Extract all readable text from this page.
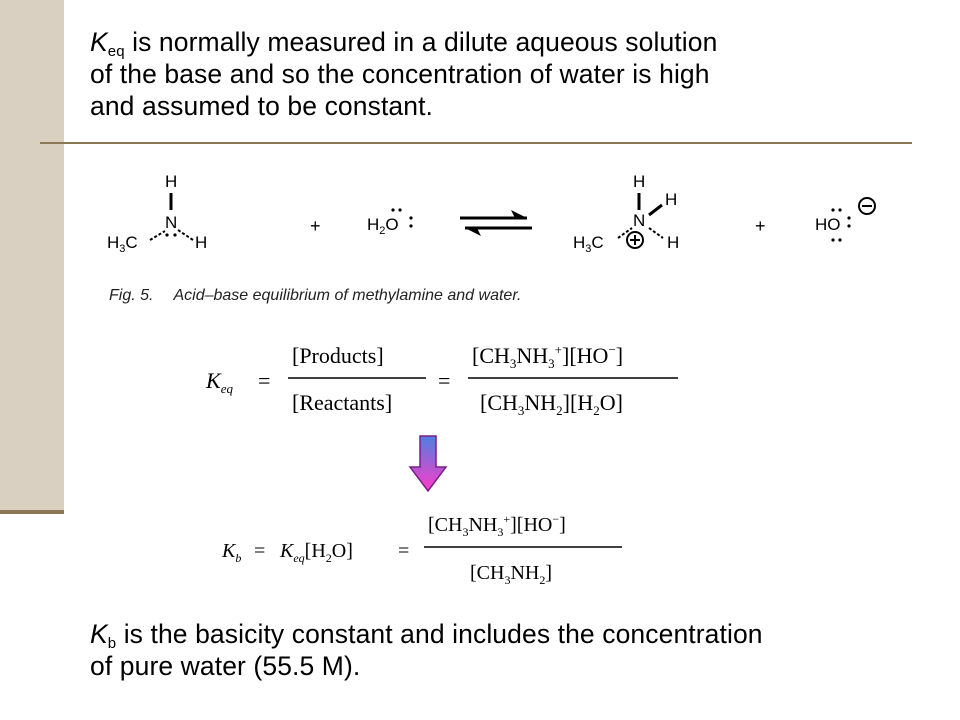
$K_{eq}$ is normally measured in a dilute aqueous solution
of the base and so the concentration of water is high
and assumed to be constant.
H
N
H
$H_3C$
+	$H_2O$
H
N
H
H
$H_3C$
+	HO
Fig. 5. Acid–base equilibrium of methylamine and water.
$K_{eq}$ =
[Products]
[Reactants]
=
$[CH_3NH_3^+][HO^-]$
$[CH_3NH_2][H_2O]$
$K_b = K_{eq}[H_2O]$ =
$[CH_3NH_3^+][HO^-]$
$[CH_3NH_2]$
$K_b$ is the basicity constant and includes the concentration
of pure water (55.5 M).
